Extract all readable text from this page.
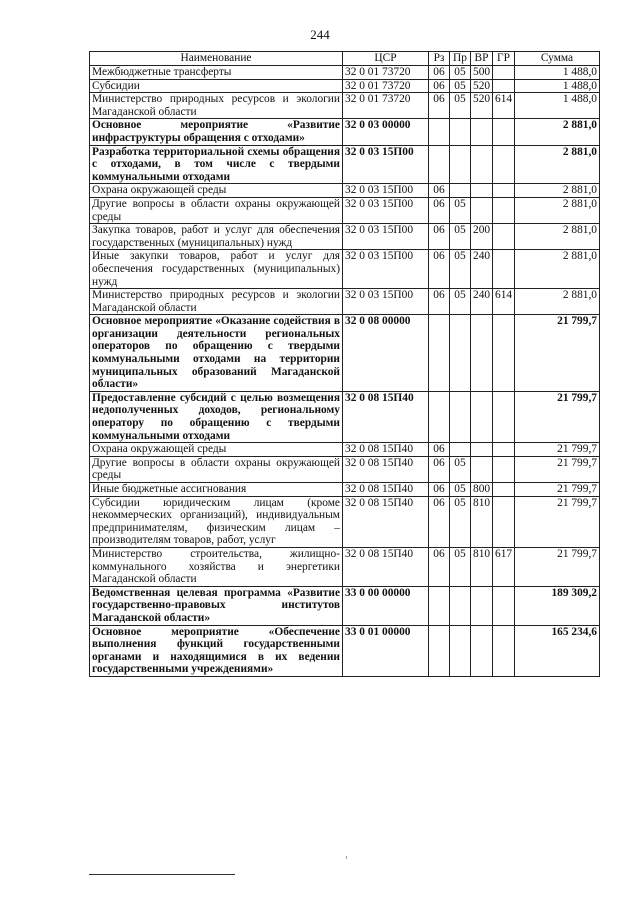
244
Наименование	ЦСР	Рз	Пр	ВР	ГР	Сумма
Межбюджетные трансферты	32 0 01 73720	06	05	500		1 488,0
Субсидии	32 0 01 73720	06	05	520		1 488,0
Министерство природных ресурсов и экологии Магаданской области	32 0 01 73720	06	05	520	614	1 488,0
Основное мероприятие «Развитие инфраструктуры обращения с отходами»	32 0 03 00000					2 881,0
Разработка территориальной схемы обращения с отходами, в том числе с твердыми коммунальными отходами	32 0 03 15П00					2 881,0
Охрана окружающей среды	32 0 03 15П00	06				2 881,0
Другие вопросы в области охраны окружающей среды	32 0 03 15П00	06	05			2 881,0
Закупка товаров, работ и услуг для обеспечения государственных (муниципальных) нужд	32 0 03 15П00	06	05	200		2 881,0
Иные закупки товаров, работ и услуг для обеспечения государственных (муниципальных) нужд	32 0 03 15П00	06	05	240		2 881,0
Министерство природных ресурсов и экологии Магаданской области	32 0 03 15П00	06	05	240	614	2 881,0
Основное мероприятие «Оказание содействия в организации деятельности региональных операторов по обращению с твердыми коммунальными отходами на территории муниципальных образований Магаданской области»	32 0 08 00000					21 799,7
Предоставление субсидий с целью возмещения недополученных доходов, региональному оператору по обращению с твердыми коммунальными отходами	32 0 08 15П40					21 799,7
Охрана окружающей среды	32 0 08 15П40	06				21 799,7
Другие вопросы в области охраны окружающей среды	32 0 08 15П40	06	05			21 799,7
Иные бюджетные ассигнования	32 0 08 15П40	06	05	800		21 799,7
Субсидии юридическим лицам (кроме некоммерческих организаций), индивидуальным предпринимателям, физическим лицам – производителям товаров, работ, услуг	32 0 08 15П40	06	05	810		21 799,7
Министерство строительства, жилищно-коммунального хозяйства и энергетики Магаданской области	32 0 08 15П40	06	05	810	617	21 799,7
Ведомственная целевая программа «Развитие государственно-правовых институтов Магаданской области»	33 0 00 00000					189 309,2
Основное мероприятие «Обеспечение выполнения функций государственными органами и находящимися в их ведении государственными учреждениями»	33 0 01 00000					165 234,6
